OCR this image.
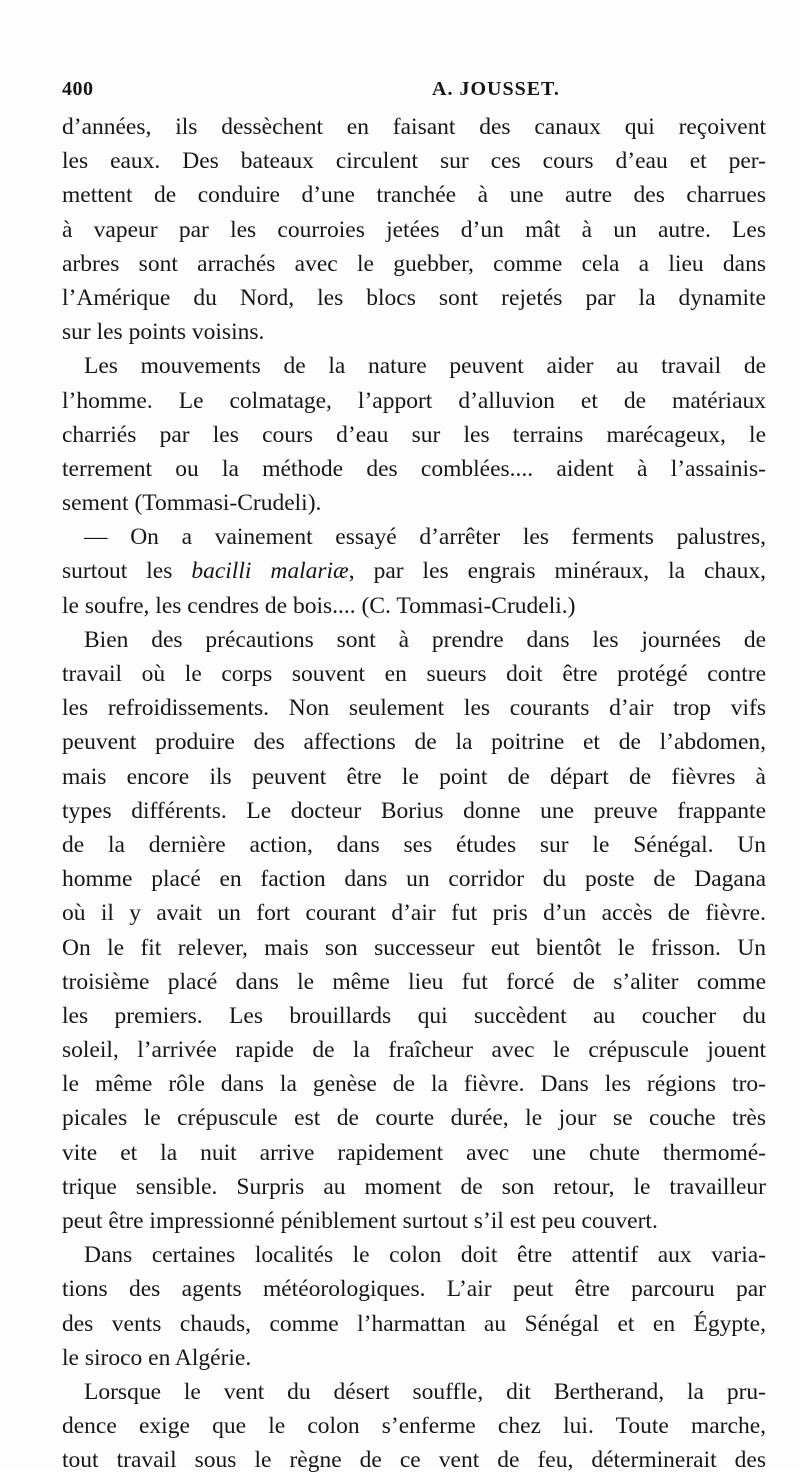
400	A. JOUSSET.
d’années, ils dessèchent en faisant des canaux qui reçoivent
les eaux. Des bateaux circulent sur ces cours d’eau et per-
mettent de conduire d’une tranchée à une autre des charrues
à vapeur par les courroies jetées d’un mât à un autre. Les
arbres sont arrachés avec le guebber, comme cela a lieu dans
l’Amérique du Nord, les blocs sont rejetés par la dynamite
sur les points voisins.
Les mouvements de la nature peuvent aider au travail de
l’homme. Le colmatage, l’apport d’alluvion et de matériaux
charriés par les cours d’eau sur les terrains marécageux, le
terrement ou la méthode des comblées.... aident à l’assainis-
sement (Tommasi-Crudeli).
— On a vainement essayé d’arrêter les ferments palustres,
surtout les bacilli malariæ, par les engrais minéraux, la chaux,
le soufre, les cendres de bois.... (C. Tommasi-Crudeli.)
Bien des précautions sont à prendre dans les journées de
travail où le corps souvent en sueurs doit être protégé contre
les refroidissements. Non seulement les courants d’air trop vifs
peuvent produire des affections de la poitrine et de l’abdomen,
mais encore ils peuvent être le point de départ de fièvres à
types différents. Le docteur Borius donne une preuve frappante
de la dernière action, dans ses études sur le Sénégal. Un
homme placé en faction dans un corridor du poste de Dagana
où il y avait un fort courant d’air fut pris d’un accès de fièvre.
On le fit relever, mais son successeur eut bientôt le frisson. Un
troisième placé dans le même lieu fut forcé de s’aliter comme
les premiers. Les brouillards qui succèdent au coucher du
soleil, l’arrivée rapide de la fraîcheur avec le crépuscule jouent
le même rôle dans la genèse de la fièvre. Dans les régions tro-
picales le crépuscule est de courte durée, le jour se couche très
vite et la nuit arrive rapidement avec une chute thermomé-
trique sensible. Surpris au moment de son retour, le travailleur
peut être impressionné péniblement surtout s’il est peu couvert.
Dans certaines localités le colon doit être attentif aux varia-
tions des agents météorologiques. L’air peut être parcouru par
des vents chauds, comme l’harmattan au Sénégal et en Égypte,
le siroco en Algérie.
Lorsque le vent du désert souffle, dit Bertherand, la pru-
dence exige que le colon s’enferme chez lui. Toute marche,
tout travail sous le règne de ce vent de feu, déterminerait des
